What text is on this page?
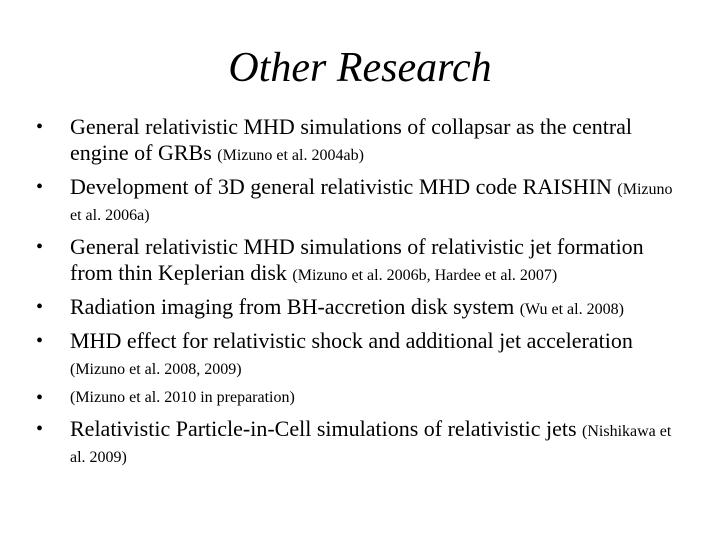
Other Research
•	General relativistic MHD simulations of collapsar as the central engine of GRBs (Mizuno et al. 2004ab)
•	Development of 3D general relativistic MHD code RAISHIN (Mizuno et al. 2006a)
•	General relativistic MHD simulations of relativistic jet formation from thin Keplerian disk (Mizuno et al. 2006b, Hardee et al. 2007)
•	Radiation imaging from BH-accretion disk system (Wu et al. 2008)
•	MHD effect for relativistic shock and additional jet acceleration (Mizuno et al. 2008, 2009)
•	(Mizuno et al. 2010 in preparation)
•	Relativistic Particle-in-Cell simulations of relativistic jets (Nishikawa et al. 2009)
